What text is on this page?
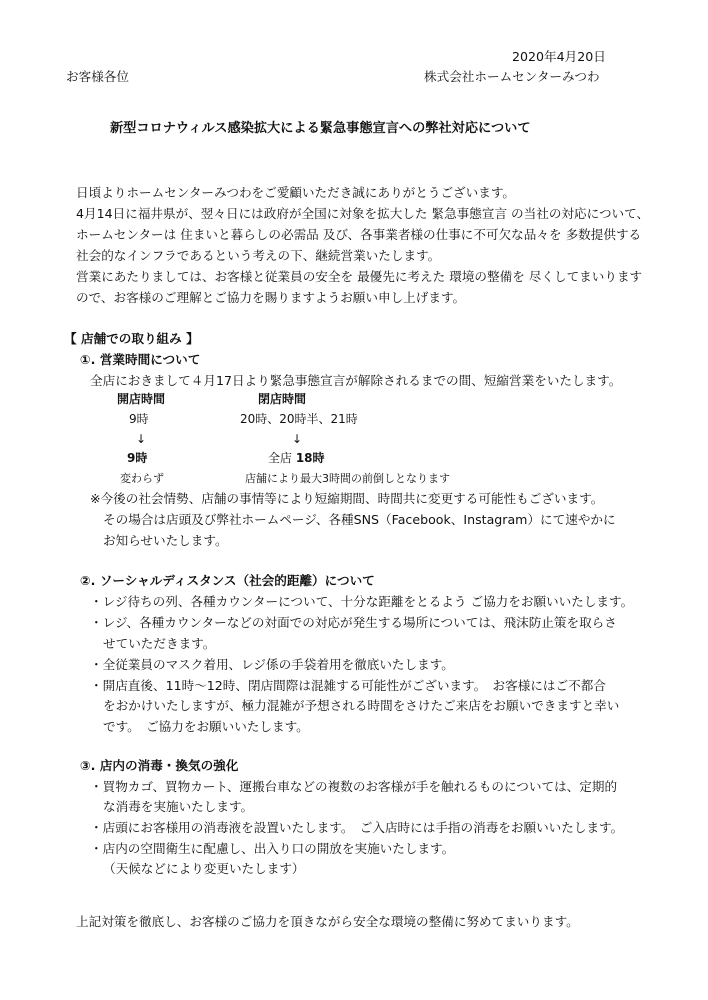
2020年4月20日
お客様各位	株式会社ホームセンターみつわ
新型コロナウィルス感染拡大による緊急事態宣言への弊社対応について
日頃よりホームセンターみつわをご愛顧いただき誠にありがとうございます。
4月14日に福井県が、翌々日には政府が全国に対象を拡大した 緊急事態宣言 の当社の対応について、
ホームセンターは 住まいと暮らしの必需品 及び、各事業者様の仕事に不可欠な品々を 多数提供する
社会的なインフラであるという考えの下、継続営業いたします。
営業にあたりましては、お客様と従業員の安全を 最優先に考えた 環境の整備を 尽くしてまいります
ので、お客様のご理解とご協力を賜りますようお願い申し上げます。
【 店舗での取り組み 】
①. 営業時間について
全店におきまして４月17日より緊急事態宣言が解除されるまでの間、短縮営業をいたします。
開店時間	閉店時間
9時	20時、20時半、21時
↓	↓
9時	全店 18時
変わらず	店舗により最大3時間の前倒しとなります
※今後の社会情勢、店舗の事情等により短縮期間、時間共に変更する可能性もございます。
その場合は店頭及び弊社ホームページ、各種SNS（Facebook、Instagram）にて速やかに
お知らせいたします。
②. ソーシャルディスタンス（社会的距離）について
・レジ待ちの列、各種カウンターについて、十分な距離をとるよう ご協力をお願いいたします。
・レジ、各種カウンターなどの対面での対応が発生する場所については、飛沫防止策を取らさ
せていただきます。
・全従業員のマスク着用、レジ係の手袋着用を徹底いたします。
・開店直後、11時～12時、閉店間際は混雑する可能性がございます。　お客様にはご不都合
をおかけいたしますが、極力混雑が予想される時間をさけたご来店をお願いできますと幸い
です。　ご協力をお願いいたします。
③. 店内の消毒・換気の強化
・買物カゴ、買物カート、運搬台車などの複数のお客様が手を触れるものについては、定期的
な消毒を実施いたします。
・店頭にお客様用の消毒液を設置いたします。　ご入店時には手指の消毒をお願いいたします。
・店内の空間衛生に配慮し、出入り口の開放を実施いたします。
（天候などにより変更いたします）
上記対策を徹底し、お客様のご協力を頂きながら安全な環境の整備に努めてまいります。
